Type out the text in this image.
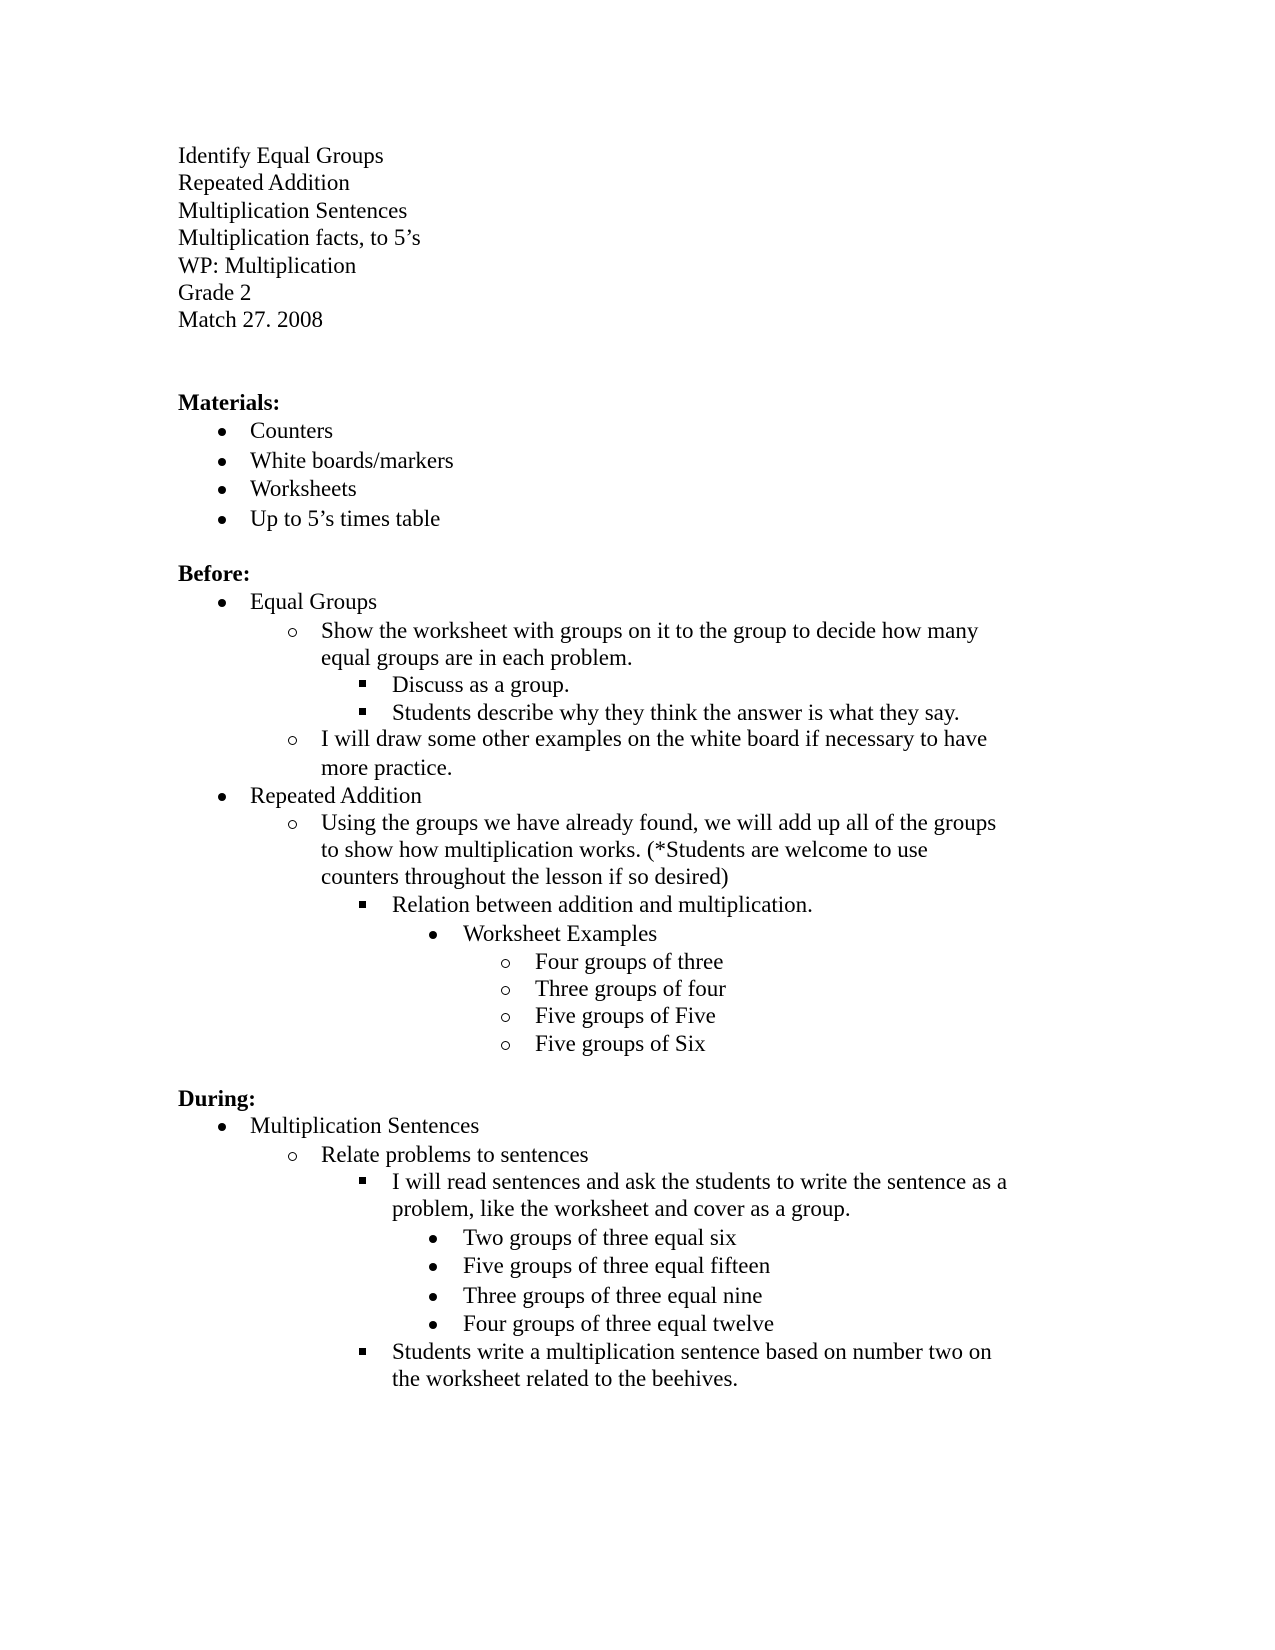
Identify Equal Groups
Repeated Addition
Multiplication Sentences
Multiplication facts, to 5’s
WP: Multiplication
Grade 2
Match 27. 2008
Materials:
Counters
White boards/markers
Worksheets
Up to 5’s times table
Before:
Equal Groups
Show the worksheet with groups on it to the group to decide how many
equal groups are in each problem.
Discuss as a group.
Students describe why they think the answer is what they say.
I will draw some other examples on the white board if necessary to have
more practice.
Repeated Addition
Using the groups we have already found, we will add up all of the groups
to show how multiplication works. (*Students are welcome to use
counters throughout the lesson if so desired)
Relation between addition and multiplication.
Worksheet Examples
Four groups of three
Three groups of four
Five groups of Five
Five groups of Six
During:
Multiplication Sentences
Relate problems to sentences
I will read sentences and ask the students to write the sentence as a
problem, like the worksheet and cover as a group.
Two groups of three equal six
Five groups of three equal fifteen
Three groups of three equal nine
Four groups of three equal twelve
Students write a multiplication sentence based on number two on
the worksheet related to the beehives.
